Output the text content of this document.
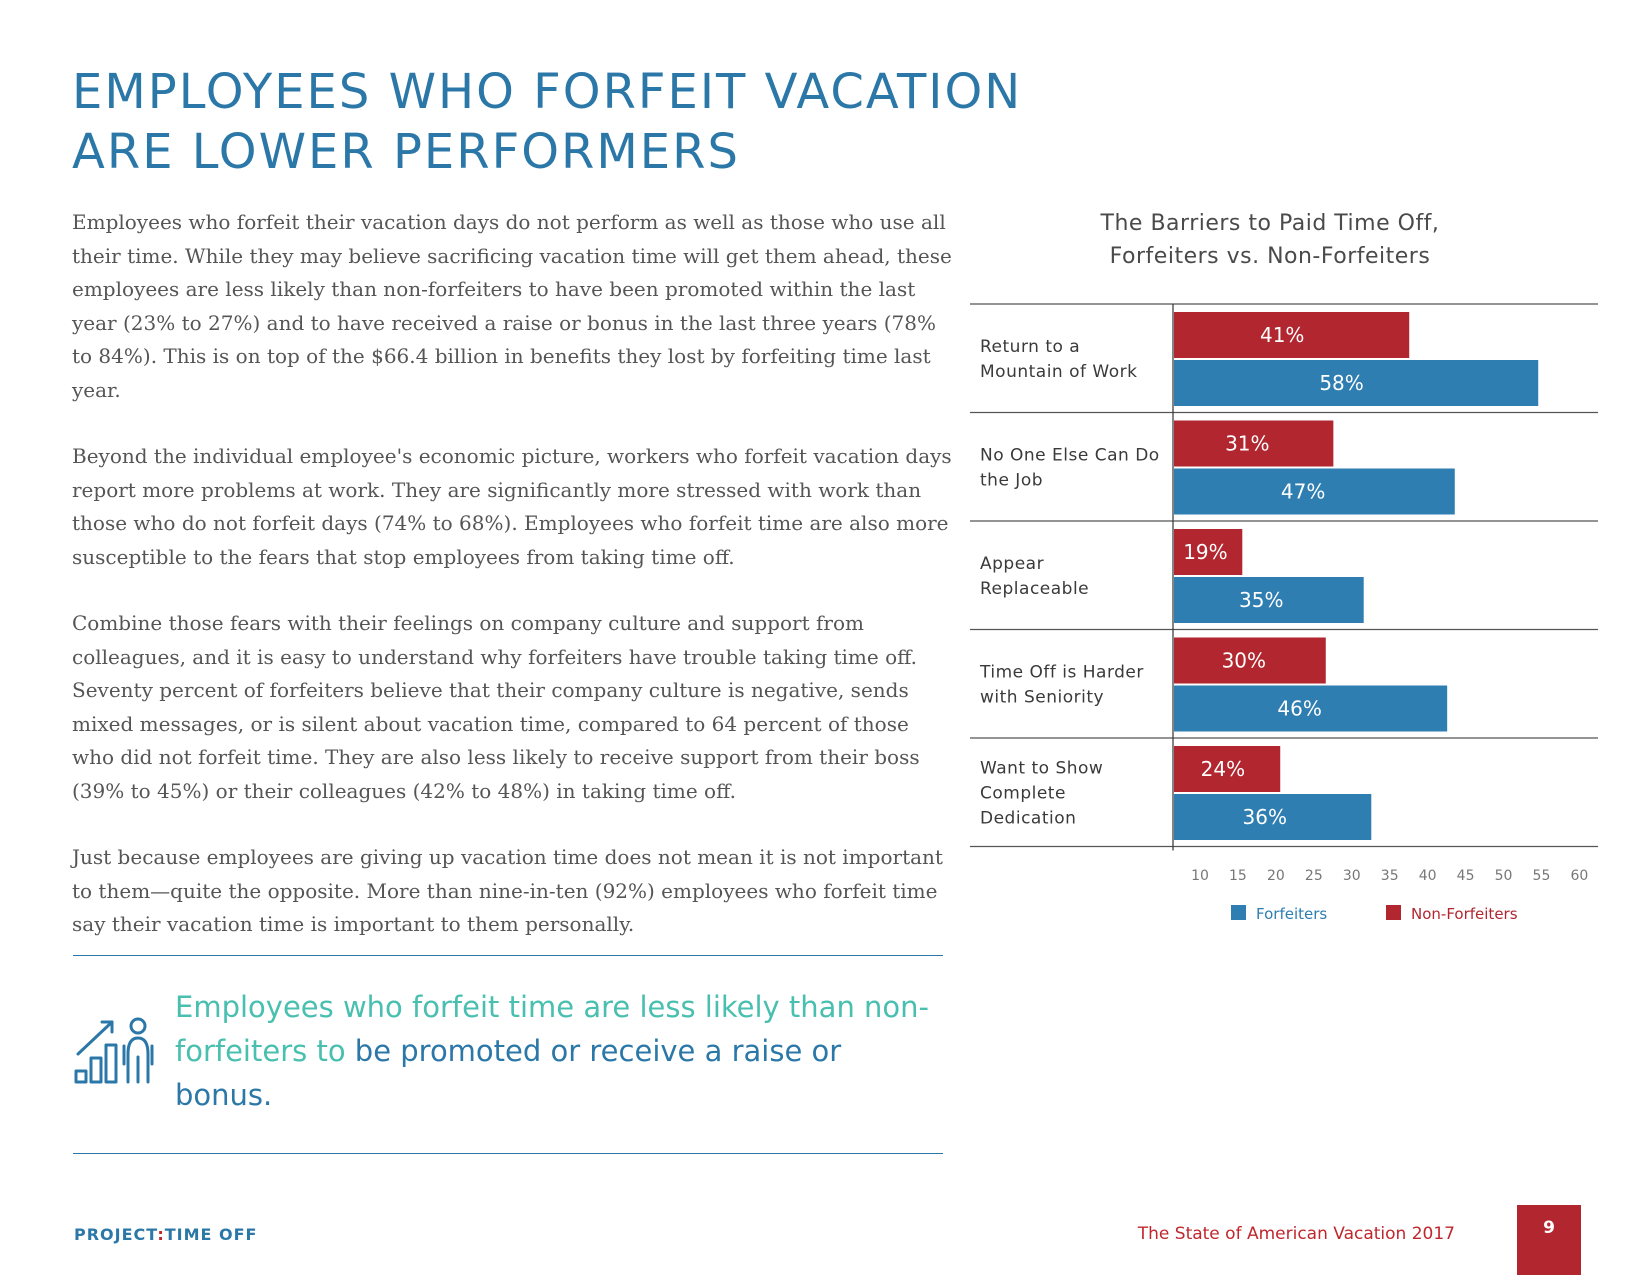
EMPLOYEES WHO FORFEIT VACATION
ARE LOWER PERFORMERS

Employees who forfeit their vacation days do not perform as well as those who use all their time. While they may believe sacrificing vacation time will get them ahead, these employees are less likely than non-forfeiters to have been promoted within the last year (23% to 27%) and to have received a raise or bonus in the last three years (78% to 84%). This is on top of the $66.4 billion in benefits they lost by forfeiting time last year.

Beyond the individual employee's economic picture, workers who forfeit vacation days report more problems at work. They are significantly more stressed with work than those who do not forfeit days (74% to 68%). Employees who forfeit time are also more susceptible to the fears that stop employees from taking time off.

Combine those fears with their feelings on company culture and support from colleagues, and it is easy to understand why forfeiters have trouble taking time off. Seventy percent of forfeiters believe that their company culture is negative, sends mixed messages, or is silent about vacation time, compared to 64 percent of those who did not forfeit time. They are also less likely to receive support from their boss (39% to 45%) or their colleagues (42% to 48%) in taking time off.

Just because employees are giving up vacation time does not mean it is not important to them—quite the opposite. More than nine-in-ten (92%) employees who forfeit time say their vacation time is important to them personally.

Employees who forfeit time are less likely than non-forfeiters to be promoted or receive a raise or bonus.
The Barriers to Paid Time Off,
Forfeiters vs. Non-Forfeiters
Return to a Mountain of Work
41%
58%
No One Else Can Do the Job
31%
47%
Appear Replaceable
19%
35%
Time Off is Harder with Seniority
30%
46%
Want to Show Complete Dedication
24%
36%
10 15 20 25 30 35 40 45 50 55 60
Forfeiters	Non-Forfeiters
PROJECT:TIME OFF	The State of American Vacation 2017	9
